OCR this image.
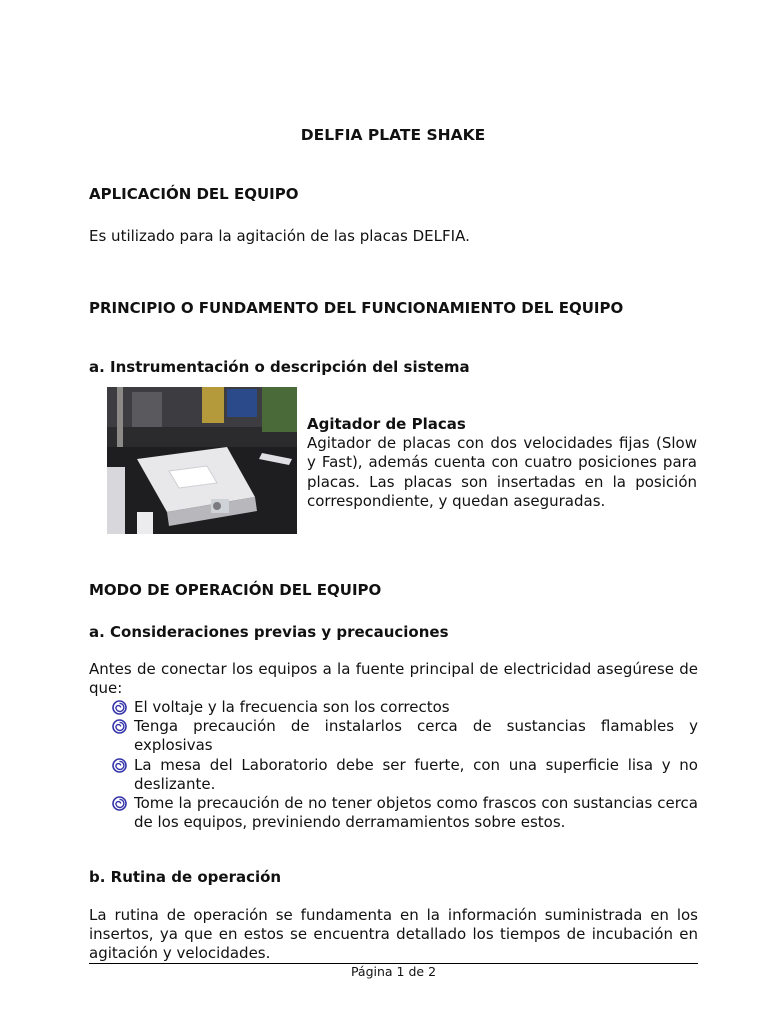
DELFIA PLATE SHAKE
APLICACIÓN DEL EQUIPO
Es utilizado para la agitación de las placas DELFIA.
PRINCIPIO O FUNDAMENTO DEL FUNCIONAMIENTO DEL EQUIPO
a. Instrumentación o descripción del sistema
Agitador de Placas
Agitador de placas con dos velocidades fijas (Slow y Fast), además cuenta con cuatro posiciones para placas. Las placas son insertadas en la posición correspondiente, y quedan aseguradas.
MODO DE OPERACIÓN DEL EQUIPO
a. Consideraciones previas y precauciones
Antes de conectar los equipos a la fuente principal de electricidad asegúrese de que:
El voltaje y la frecuencia son los correctos
Tenga precaución de instalarlos cerca de sustancias flamables y explosivas
La mesa del Laboratorio debe ser fuerte, con una superficie lisa y no deslizante.
Tome la precaución de no tener objetos como frascos con sustancias cerca de los equipos, previniendo derramamientos sobre estos.
b. Rutina de operación
La rutina de operación se fundamenta en la información suministrada en los insertos, ya que en estos se encuentra detallado los tiempos de incubación en agitación y velocidades.
Página 1 de 2
